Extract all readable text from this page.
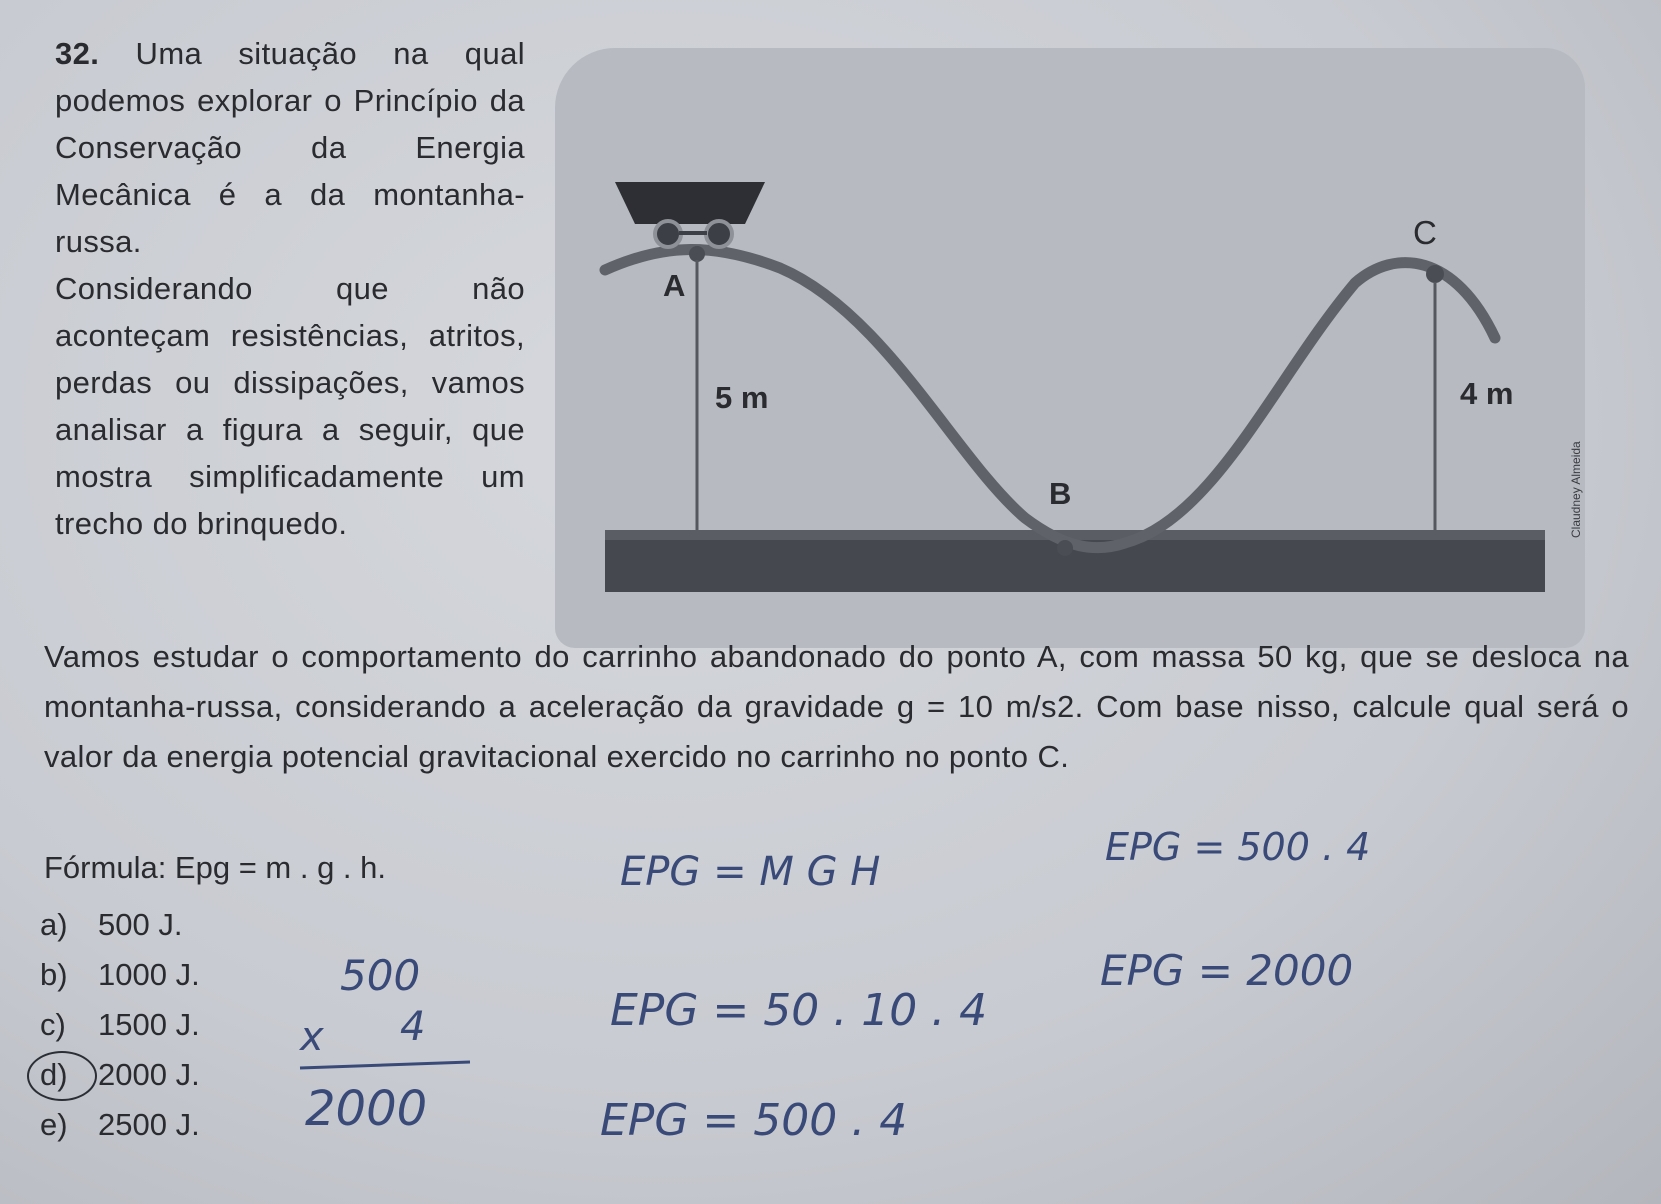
32. Uma situação na qual podemos explorar o Princípio da Conservação da Energia Mecânica é a da montanha-russa.

Considerando que não aconteçam resistências, atritos, perdas ou dissipações, vamos analisar a figura a seguir, que mostra simplificadamente um trecho do brinquedo.

A
B
C
5 m	4 m
Claudney Almeida

Vamos estudar o comportamento do carrinho abandonado do ponto A, com massa 50 kg, que se desloca na montanha-russa, considerando a aceleração da gravidade g = 10 m/s2. Com base nisso, calcule qual será o valor da energia potencial gravitacional exercido no carrinho no ponto C.

Fórmula: Epg = m . g . h.
a) 500 J.
b) 1000 J.
c)	1500 J.
d) 2000 J.
e) 2500 J.
EPG = M G H
EPG = 50 . 10 . 4
EPG = 500 . 4
EPG = 500 . 4
EPG = 2000
500
x 4
2000
